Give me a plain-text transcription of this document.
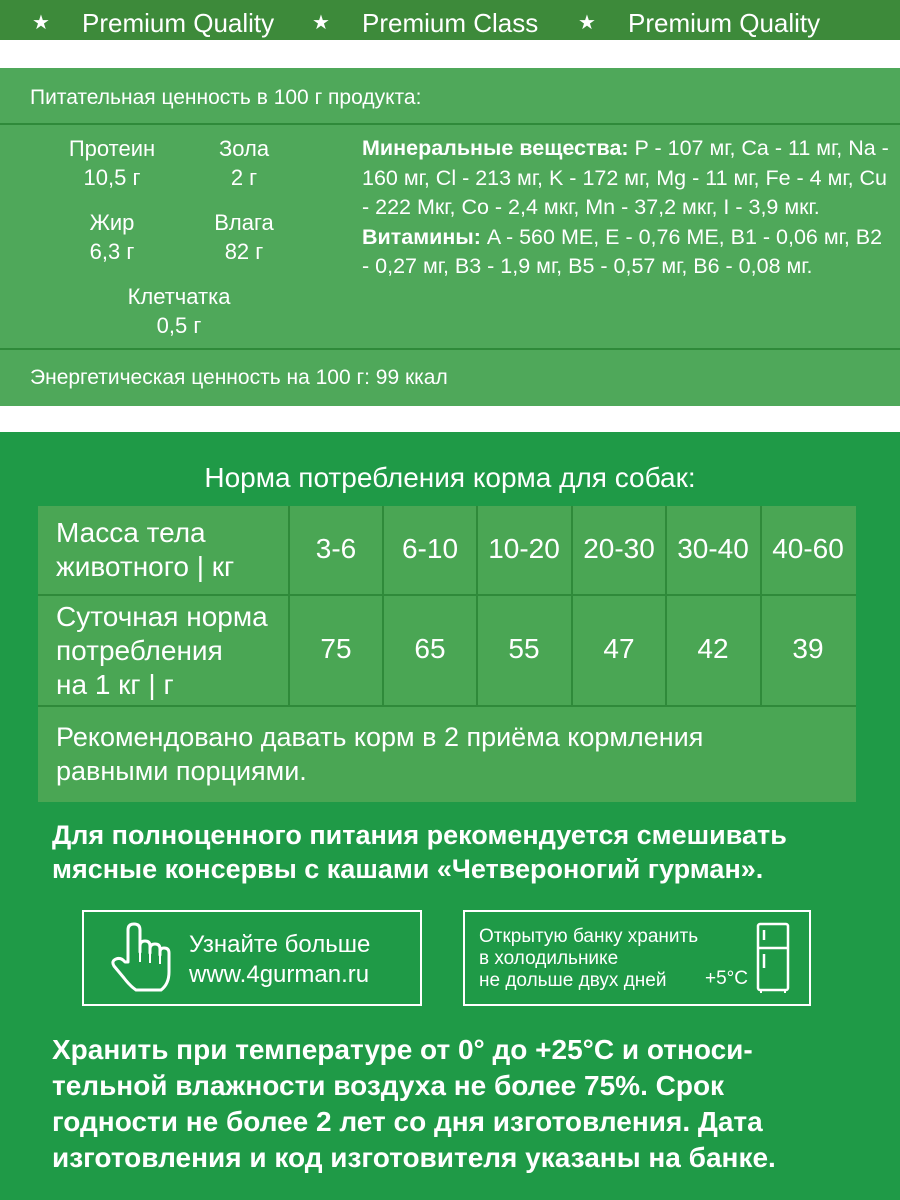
★ Premium Quality ★ Premium Class ★ Premium Quality
Питательная ценность в 100 г продукта:
Протеин
10,5 г
Зола
2 г
Жир
6,3 г
Влага
82 г
Клетчатка
0,5 г
Минеральные вещества: P - 107 мг, Ca - 11 мг, Na - 160 мг, Cl - 213 мг, K - 172 мг, Mg - 11 мг, Fe - 4 мг, Cu - 222 Мкг, Co - 2,4 мкг, Mn - 37,2 мкг, I - 3,9 мкг.
Витамины: A - 560 МЕ, E - 0,76 МЕ, B1 - 0,06 мг, B2 - 0,27 мг, B3 - 1,9 мг, B5 - 0,57 мг, B6 - 0,08 мг.
Энергетическая ценность на 100 г: 99 ккал
Норма потребления корма для собак:
Масса тела
животного | кг
Суточная норма
потребления
на 1 кг | г
3-6	6-10	10-20 20-30 30-40 40-60
75	65	55	47	42	39
Рекомендовано давать корм в 2 приёма кормления
равными порциями.
Для полноценного питания рекомендуется смешивать
мясные консервы с кашами «Четвероногий гурман».
Узнайте больше
www.4gurman.ru
Открытую банку хранить
в холодильнике
не дольше двух дней	+5°C
Хранить при температуре от 0° до +25°С и относи-
тельной влажности воздуха не более 75%. Срок
годности не более 2 лет со дня изготовления. Дата
изготовления и код изготовителя указаны на банке.
